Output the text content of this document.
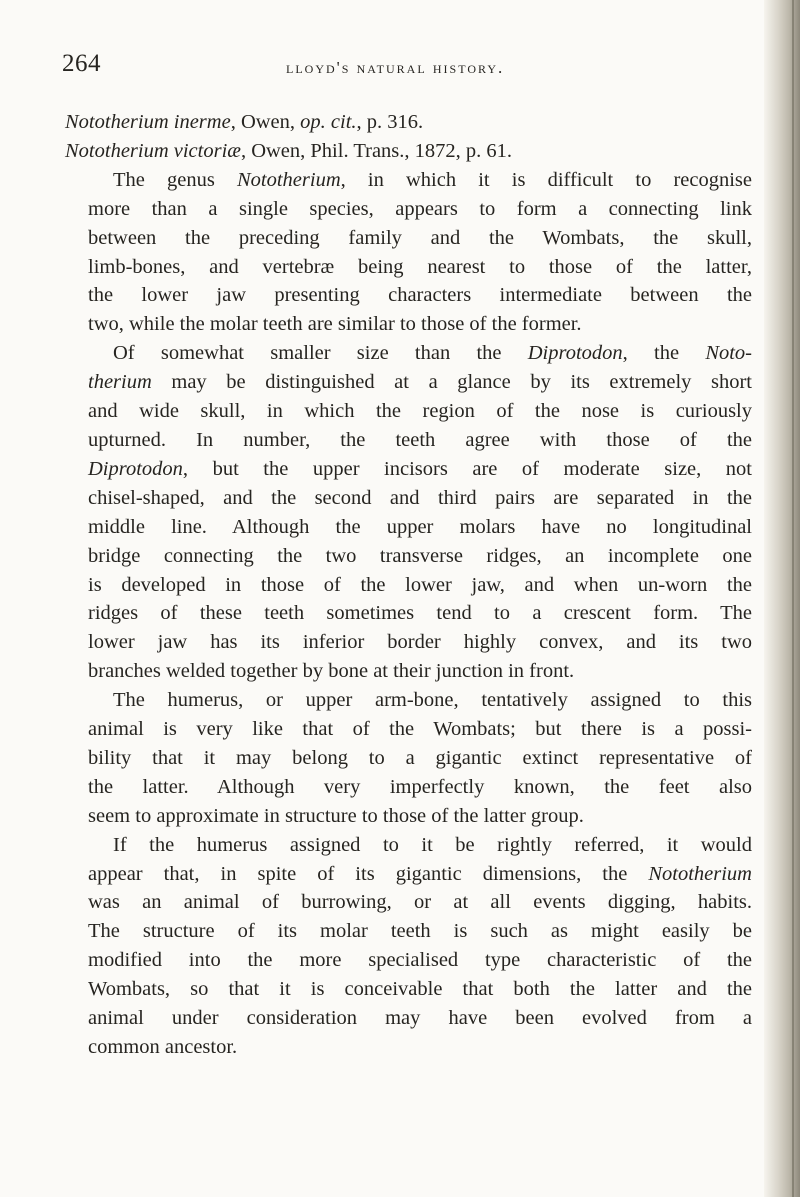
264	lloyd's natural history.
Nototherium inerme, Owen, op. cit., p. 316.
Nototherium victoriæ, Owen, Phil. Trans., 1872, p. 61.
The genus Nototherium, in which it is difficult to recognise
more than a single species, appears to form a connecting link
between the preceding family and the Wombats, the skull,
limb-bones, and vertebræ being nearest to those of the latter,
the lower jaw presenting characters intermediate between the
two, while the molar teeth are similar to those of the former.
Of somewhat smaller size than the Diprotodon, the Noto-
therium may be distinguished at a glance by its extremely short
and wide skull, in which the region of the nose is curiously
upturned. In number, the teeth agree with those of the
Diprotodon, but the upper incisors are of moderate size, not
chisel-shaped, and the second and third pairs are separated in the
middle line. Although the upper molars have no longitudinal
bridge connecting the two transverse ridges, an incomplete one
is developed in those of the lower jaw, and when un-worn the
ridges of these teeth sometimes tend to a crescent form. The
lower jaw has its inferior border highly convex, and its two
branches welded together by bone at their junction in front.
The humerus, or upper arm-bone, tentatively assigned to this
animal is very like that of the Wombats; but there is a possi-
bility that it may belong to a gigantic extinct representative of
the latter. Although very imperfectly known, the feet also
seem to approximate in structure to those of the latter group.
If the humerus assigned to it be rightly referred, it would
appear that, in spite of its gigantic dimensions, the Nototherium
was an animal of burrowing, or at all events digging, habits.
The structure of its molar teeth is such as might easily be
modified into the more specialised type characteristic of the
Wombats, so that it is conceivable that both the latter and the
animal under consideration may have been evolved from a
common ancestor.
